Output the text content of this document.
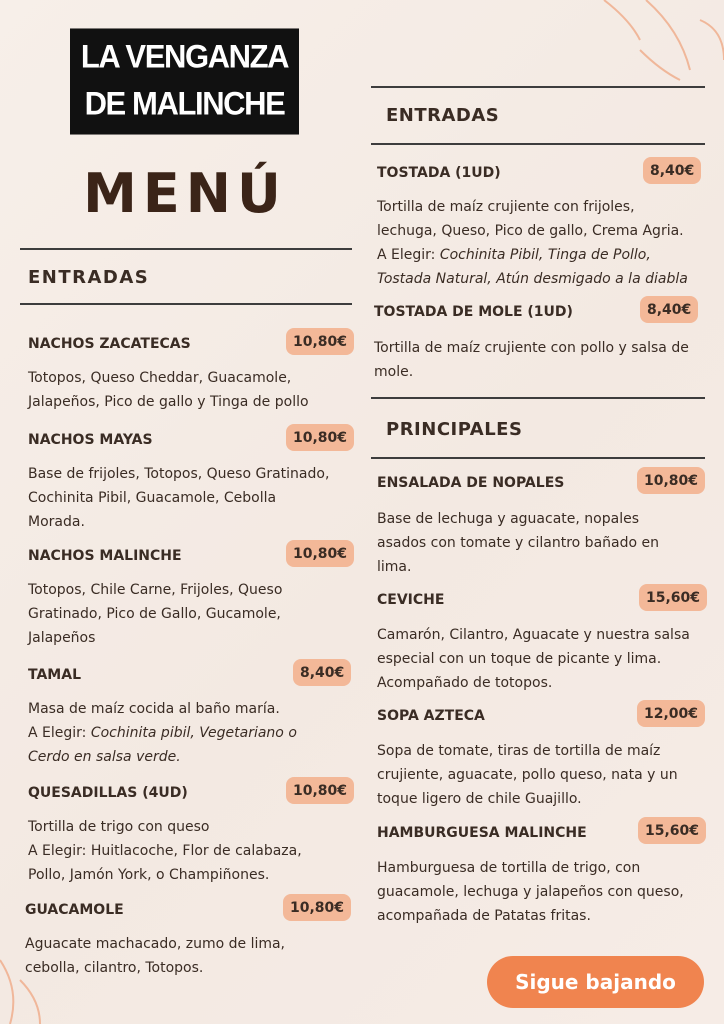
LA VENGANZA
DE MALINCHE
MENÚ
ENTRADAS
NACHOS ZACATECAS	10,80€
Totopos, Queso Cheddar, Guacamole,
Jalapeños, Pico de gallo y Tinga de pollo
NACHOS MAYAS	10,80€
Base de frijoles, Totopos, Queso Gratinado,
Cochinita Pibil, Guacamole, Cebolla
Morada.
NACHOS MALINCHE	10,80€
Totopos, Chile Carne, Frijoles, Queso
Gratinado, Pico de Gallo, Gucamole,
Jalapeños
TAMAL	8,40€
Masa de maíz cocida al baño maría.
A Elegir: Cochinita pibil, Vegetariano o
Cerdo en salsa verde.
QUESADILLAS (4UD)	10,80€
Tortilla de trigo con queso
A Elegir: Huitlacoche, Flor de calabaza,
Pollo, Jamón York, o Champiñones.
GUACAMOLE	10,80€
Aguacate machacado, zumo de lima,
cebolla, cilantro, Totopos.
ENTRADAS
TOSTADA (1UD)	8,40€
Tortilla de maíz crujiente con frijoles,
lechuga, Queso, Pico de gallo, Crema Agria.
A Elegir: Cochinita Pibil, Tinga de Pollo,
Tostada Natural, Atún desmigado a la diabla
TOSTADA DE MOLE (1UD)	8,40€
Tortilla de maíz crujiente con pollo y salsa de
mole.
PRINCIPALES
ENSALADA DE NOPALES	10,80€
Base de lechuga y aguacate, nopales
asados con tomate y cilantro bañado en
lima.
CEVICHE	15,60€
Camarón, Cilantro, Aguacate y nuestra salsa
especial con un toque de picante y lima.
Acompañado de totopos.
SOPA AZTECA	12,00€
Sopa de tomate, tiras de tortilla de maíz
crujiente, aguacate, pollo queso, nata y un
toque ligero de chile Guajillo.
HAMBURGUESA MALINCHE	15,60€
Hamburguesa de tortilla de trigo, con
guacamole, lechuga y jalapeños con queso,
acompañada de Patatas fritas.
Sigue bajando
